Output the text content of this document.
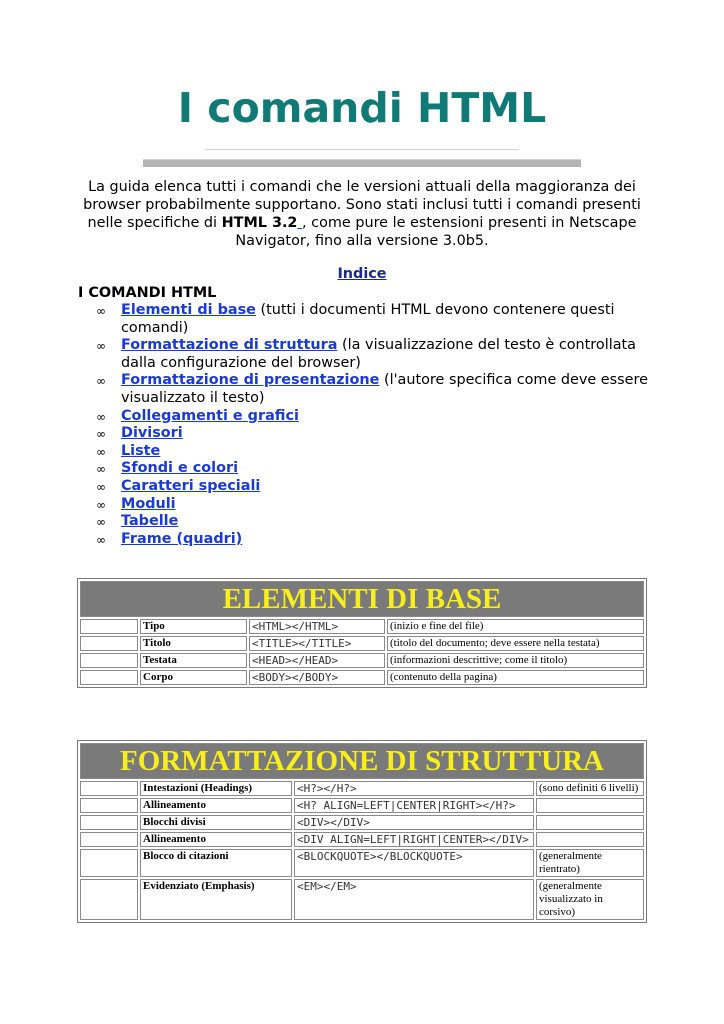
I comandi HTML
La guida elenca tutti i comandi che le versioni attuali della maggioranza dei browser probabilmente supportano. Sono stati inclusi tutti i comandi presenti nelle specifiche di HTML 3.2 , come pure le estensioni presenti in Netscape Navigator, fino alla versione 3.0b5.
Indice
I COMANDI HTML
∞ Elementi di base (tutti i documenti HTML devono contenere questi comandi)
∞ Formattazione di struttura (la visualizzazione del testo è controllata dalla configurazione del browser)
∞ Formattazione di presentazione (l'autore specifica come deve essere visualizzato il testo)
∞ Collegamenti e grafici
∞ Divisori
∞ Liste
∞ Sfondi e colori
∞ Caratteri speciali
∞ Moduli
∞ Tabelle
∞ Frame (quadri)
ELEMENTI DI BASE			
	Tipo	<HTML></HTML>	(inizio e fine del file)
	Titolo	<TITLE></TITLE>	(titolo del documento; deve essere nella testata)
	Testata	<HEAD></HEAD>	(informazioni descrittive; come il titolo)
	Corpo	<BODY></BODY>	(contenuto della pagina)
FORMATTAZIONE DI STRUTTURA			
	Intestazioni (Headings)	<H?></H?>	(sono definiti 6 livelli)
	Allineamento	<H? ALIGN=LEFT|CENTER|RIGHT></H?>	
	Blocchi divisi	<DIV></DIV>	
	Allineamento	<DIV ALIGN=LEFT|RIGHT|CENTER></DIV>	
	Blocco di citazioni	<BLOCKQUOTE></BLOCKQUOTE>	(generalmente rientrato)
	Evidenziato (Emphasis)	<EM></EM>	(generalmente visualizzato in corsivo)
